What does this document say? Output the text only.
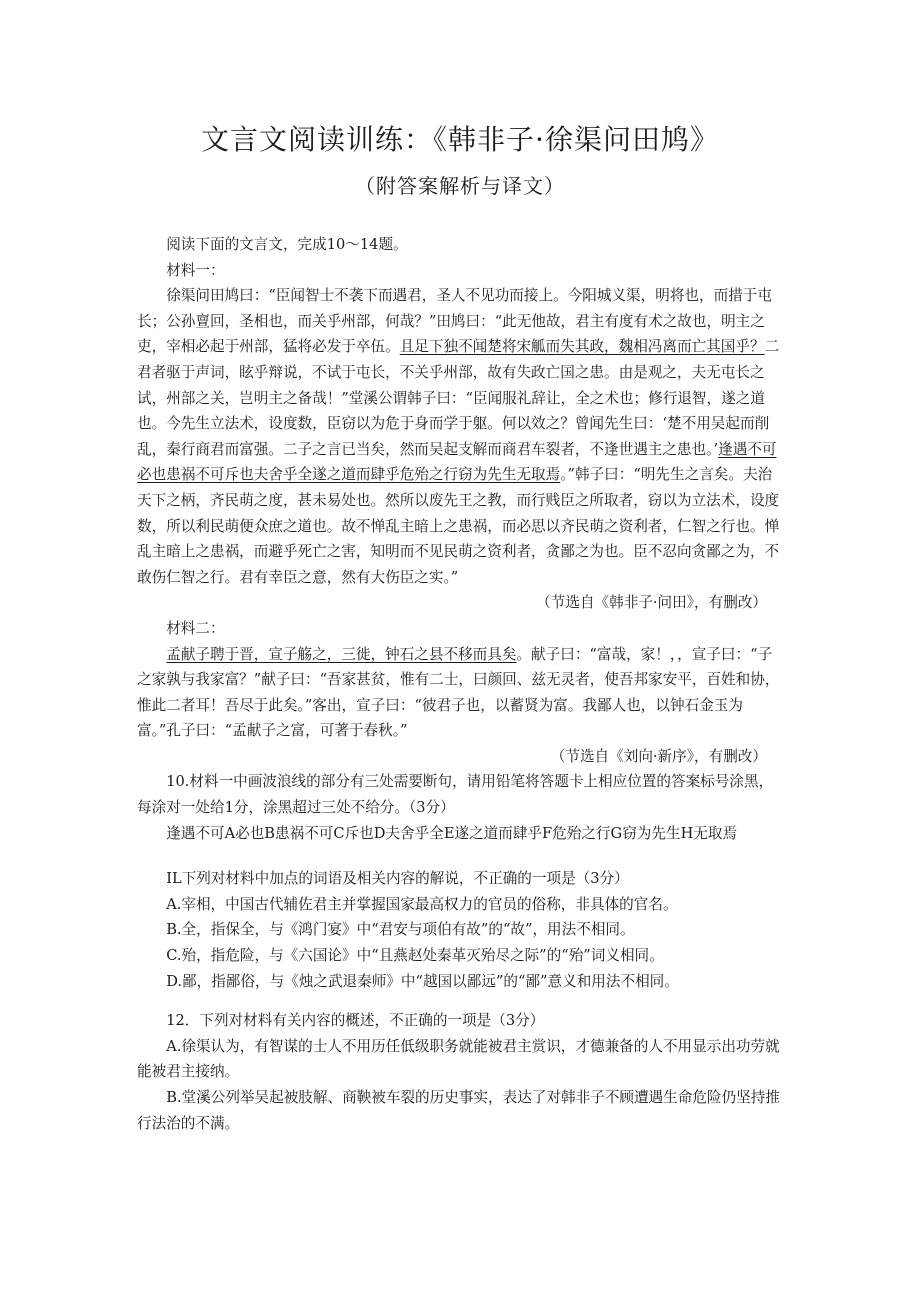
文言文阅读训练：《韩非子·徐渠问田鸠》
（附答案解析与译文）

阅读下面的文言文，完成10～14题。

材料一：

徐渠问田鸠曰：“臣闻智士不袭下而遇君，圣人不见功而接上。今阳城义渠，明将也，而措于屯长；公孙亶回，圣相也，而关乎州部，何哉？”田鸠曰：“此无他故，君主有度有术之故也，明主之吏，宰相必起于州部，猛将必发于卒伍。且足下独不闻楚将宋觚而失其政，魏相冯离而亡其国乎？二君者驱于声词，眩乎辩说，不试于屯长，不关乎州部，故有失政亡国之患。由是观之，夫无屯长之试，州部之关，岂明主之备哉！”堂溪公谓韩子曰：“臣闻服礼辞让，全之术也；修行退智，遂之道也。今先生立法术，设度数，臣窃以为危于身而学于躯。何以效之？曾闻先生曰：‘楚不用吴起而削乱，秦行商君而富强。二子之言已当矣，然而吴起支解而商君车裂者，不逢世遇主之患也。’逢遇不可必也患祸不可斥也夫舍乎全遂之道而肆乎危殆之行窃为先生无取焉。”韩子曰：“明先生之言矣。夫治天下之柄，齐民萌之度，甚未易处也。然所以废先王之教，而行贱臣之所取者，窃以为立法术，设度数，所以利民萌便众庶之道也。故不惮乱主暗上之患祸，而必思以齐民萌之资利者，仁智之行也。惮乱主暗上之患祸，而避乎死亡之害，知明而不见民萌之资利者，贪鄙之为也。臣不忍向贪鄙之为，不敢伤仁智之行。君有幸臣之意，然有大伤臣之实。”

（节选自《韩非子·问田》，有删改）

材料二：

孟献子聘于晋，宣子觞之，三徙，钟石之县不移而具矣。献子曰：“富哉，家！，，宣子曰：“子之家孰与我家富？”献子曰：“吾家甚贫，惟有二士，曰颜回、兹无灵者，使吾邦家安平，百姓和协，惟此二者耳！吾尽于此矣。”客出，宣子曰：“彼君子也，以蓄贤为富。我鄙人也，以钟石金玉为富。”孔子曰：“孟献子之富，可著于春秋。”

（节选自《刘向·新序》，有删改）

10.材料一中画波浪线的部分有三处需要断句，请用铅笔将答题卡上相应位置的答案标号涂黑，每涂对一处给1分，涂黑超过三处不给分。（3分）

逢遇不可A必也B患祸不可C斥也D夫舍乎全E遂之道而肆乎F危殆之行G窃为先生H无取焉

IL下列对材料中加点的词语及相关内容的解说，不正确的一项是（3分）

A.宰相，中国古代辅佐君主并掌握国家最高权力的官员的俗称，非具体的官名。

B.全，指保全，与《鸿门宴》中“君安与项伯有故”的“故”，用法不相同。

C.殆，指危险，与《六国论》中“且燕赵处秦革灭殆尽之际”的“殆”词义相同。

D.鄙，指鄙俗，与《烛之武退秦师》中“越国以鄙远”的“鄙”意义和用法不相同。

12．下列对材料有关内容的概述，不正确的一项是（3分）

A.徐渠认为，有智谋的士人不用历任低级职务就能被君主赏识，才德兼备的人不用显示出功劳就能被君主接纳。

B.堂溪公列举吴起被肢解、商鞅被车裂的历史事实，表达了对韩非子不顾遭遇生命危险仍坚持推行法治的不满。
